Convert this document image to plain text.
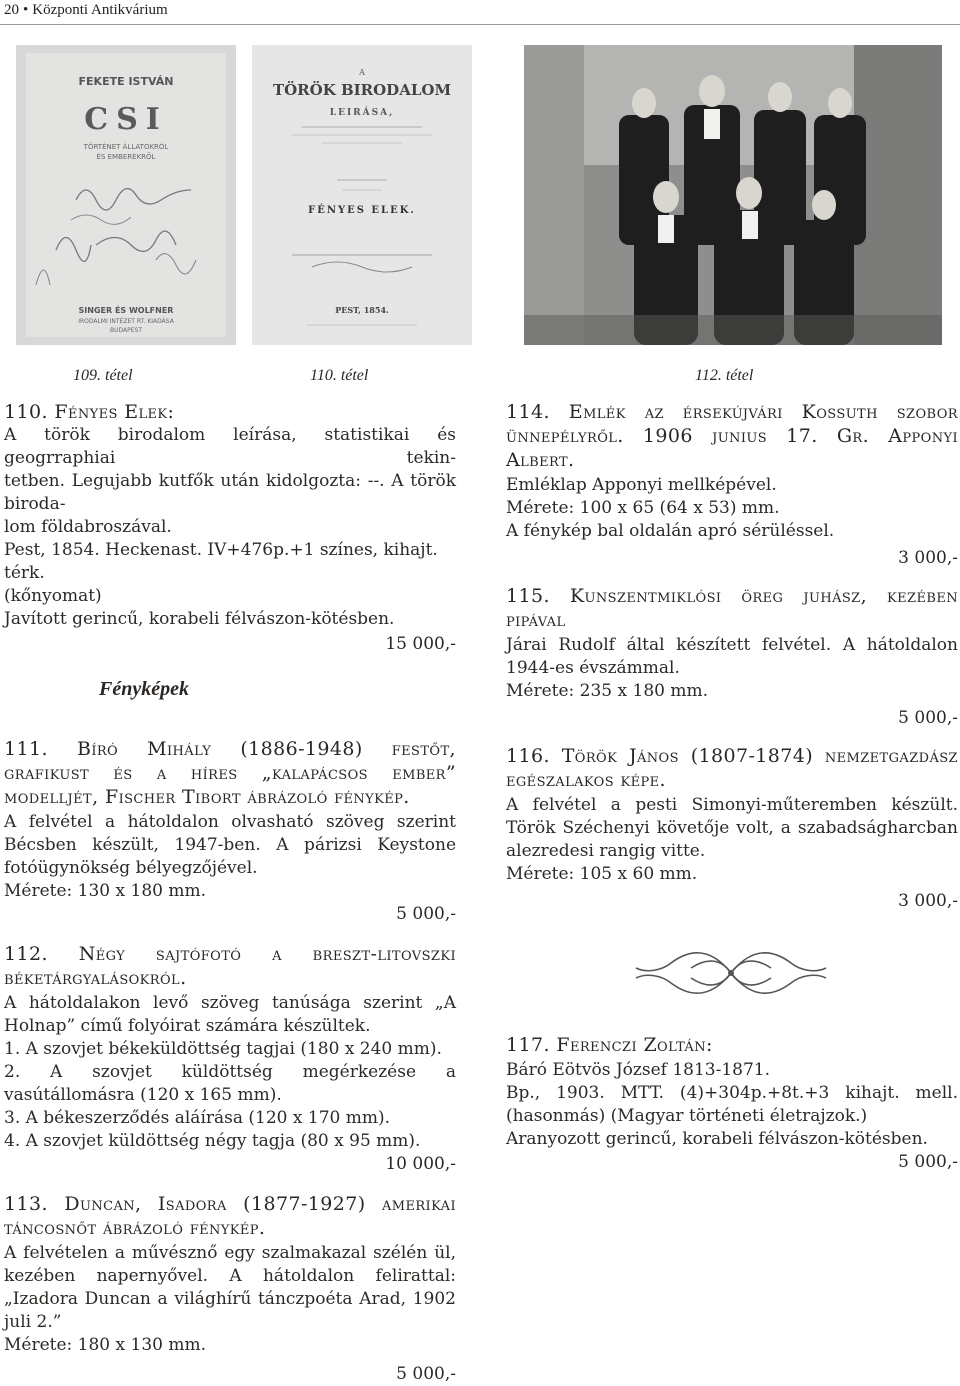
20 • Központi Antikvárium
FEKETE ISTVÁN
CSI
TÖRTÉNET ÁLLATOKRÓL
ÉS EMBEREKRŐL
SINGER ÉS WOLFNER
IRODALMI INTÉZET RT. KIADÁSA
BUDAPEST
A
TÖRÖK BIRODALOM
LEIRÁSA,
FÉNYES ELEK.
PEST, 1854.
109. tétel	110. tétel	112. tétel
110. Fényes Elek:

A török birodalom leírása, statistikai és geogrraphiai tekin-

tetben. Legujabb kutfők után kidolgozta: --. A török biroda-

lom földabroszával.

Pest, 1854. Heckenast. IV+476p.+1 színes, kihajt. térk.

(kőnyomat)

Javított gerincű, korabeli félvászon-kötésben.

15 000,-
Fényképek
111. Bíró Mihály (1886-1948) festőt, grafikust és a híres „kalapácsos ember” modelljét, Fischer Tibort ábrázoló fénykép.

A felvétel a hátoldalon olvasható szöveg szerint Bécsben készült, 1947-ben. A párizsi Keystone fotóügynökség bélyegzőjével.

Mérete: 130 x 180 mm.

5 000,-
112. Négy sajtófotó a breszt-litovszki béketárgyalásokról.

A hátoldalakon levő szöveg tanúsága szerint „A Holnap” című folyóirat számára készültek.

1. A szovjet békeküldöttség tagjai (180 x 240 mm).

2. A szovjet küldöttség megérkezése a vasútállomásra (120 x 165 mm).

3. A békeszerződés aláírása (120 x 170 mm).

4. A szovjet küldöttség négy tagja (80 x 95 mm).

10 000,-
113. Duncan, Isadora (1877-1927) amerikai táncosnőt ábrázoló fénykép.

A felvételen a művésznő egy szalmakazal szélén ül, kezében napernyővel. A hátoldalon felirattal: „Izadora Duncan a világhírű tánczpoéta Arad, 1902 juli 2.”

Mérete: 180 x 130 mm.

5 000,-
114. Emlék az érsekújvári Kossuth szobor ünnepélyről. 1906 junius 17. Gr. Apponyi Albert.

Emléklap Apponyi mellképével.

Mérete: 100 x 65 (64 x 53) mm.

A fénykép bal oldalán apró sérüléssel.

3 000,-
115. Kunszentmiklósi öreg juhász, kezében pipával

Járai Rudolf által készített felvétel. A hátoldalon 1944-es évszámmal.

Mérete: 235 x 180 mm.

5 000,-
116. Török János (1807-1874) nemzetgazdász egészalakos képe.

A felvétel a pesti Simonyi-műteremben készült. Török Széchenyi követője volt, a szabadságharcban alezredesi rangig vitte.

Mérete: 105 x 60 mm.

3 000,-
117. Ferenczi Zoltán:

Báró Eötvös József 1813-1871.

Bp., 1903. MTT. (4)+304p.+8t.+3 kihajt. mell. (hasonmás) (Magyar történeti életrajzok.)

Aranyozott gerincű, korabeli félvászon-kötésben.

5 000,-
